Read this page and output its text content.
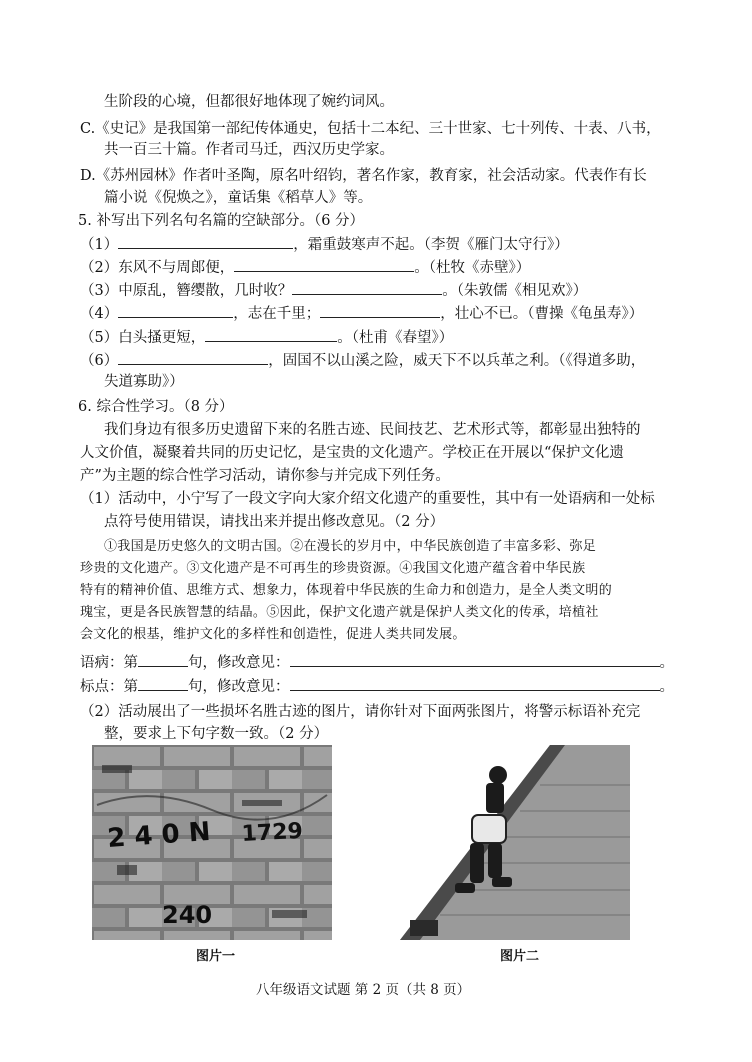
生阶段的心境，但都很好地体现了婉约词风。
C.《史记》是我国第一部纪传体通史，包括十二本纪、三十世家、七十列传、十表、八书，
共一百三十篇。作者司马迁，西汉历史学家。
D.《苏州园林》作者叶圣陶，原名叶绍钧，著名作家，教育家，社会活动家。代表作有长
篇小说《倪焕之》，童话集《稻草人》等。
5. 补写出下列名句名篇的空缺部分。（6 分）
（1）	，霜重鼓寒声不起。（李贺《雁门太守行》）
（2）东风不与周郎便，	。（杜牧《赤壁》）
（3）中原乱，簪缨散，几时收？	。（朱敦儒《相见欢》）
（4）	，志在千里；	，壮心不已。（曹操《龟虽寿》）
（5）白头搔更短，	。（杜甫《春望》）
（6）	，固国不以山溪之险，威天下不以兵革之利。（《得道多助，
失道寡助》）
6. 综合性学习。（8 分）
我们身边有很多历史遗留下来的名胜古迹、民间技艺、艺术形式等，都彰显出独特的
人文价值，凝聚着共同的历史记忆，是宝贵的文化遗产。学校正在开展以“保护文化遗
产”为主题的综合性学习活动，请你参与并完成下列任务。
（1）活动中，小宁写了一段文字向大家介绍文化遗产的重要性，其中有一处语病和一处标
点符号使用错误，请找出来并提出修改意见。（2 分）
①我国是历史悠久的文明古国。②在漫长的岁月中，中华民族创造了丰富多彩、弥足
珍贵的文化遗产。③文化遗产是不可再生的珍贵资源。④我国文化遗产蕴含着中华民族
特有的精神价值、思维方式、想象力，体现着中华民族的生命力和创造力，是全人类文明的
瑰宝，更是各民族智慧的结晶。⑤因此，保护文化遗产就是保护人类文化的传承，培植社
会文化的根基，维护文化的多样性和创造性，促进人类共同发展。
语病：第	句，修改意见：	。
标点：第	句，修改意见：	。
（2）活动展出了一些损坏名胜古迹的图片，请你针对下面两张图片，将警示标语补充完
整，要求上下句字数一致。（2 分）
2 4 0 N 1729
240
图片一	图片二
八年级语文试题 第 2 页（共 8 页）
